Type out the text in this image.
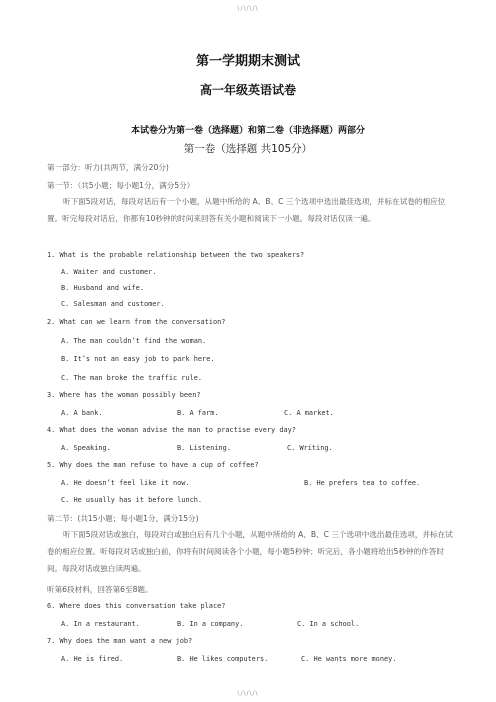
\/\/\/\
第一学期期末测试
高一年级英语试卷
本试卷分为第一卷（选择题）和第二卷（非选择题）两部分
第一卷（选择题 共105分）
第一部分：听力(共两节，满分20分)
第一节：（共5小题；每小题1分，满分5分）
听下面5段对话，每段对话后有一个小题，从题中所给的 A、B、C 三个选项中选出最佳选项，并标在试卷的相应位置。听完每段对话后，你都有10秒钟的时间来回答有关小题和阅读下一小题。每段对话仅读一遍。
1. What is the probable relationship between the two speakers?
A. Waiter and customer.
B. Husband and wife.
C. Salesman and customer.
2. What can we learn from the conversation?
A. The man couldn’t find the woman.
B. It’s not an easy job to park here.
C. The man broke the traffic rule.
3. Where has the woman possibly been?
A. A bank.	B. A farm.	C. A market.
4. What does the woman advise the man to practise every day?
A. Speaking.	B. Listening.	C. Writing.
5. Why does the man refuse to have a cup of coffee?
A. He doesn’t feel like it now.	B. He prefers tea to coffee.
C. He usually has it before lunch.
第二节：(共15小题；每小题1分，满分15分)
听下面5段对话或独白，每段对白或独白后有几个小题，从题中所给的 A、B、C 三个选项中选出最佳选项，并标在试卷的相应位置。听每段对话或独白前，你将有时间阅读各个小题，每小题5秒钟；听完后，各小题将给出5秒钟的作答时间。每段对话或独白读两遍。
听第6段材料，回答第6至8题。
6. Where does this conversation take place?
A. In a restaurant.	B. In a company.	C. In a school.
7. Why does the man want a new job?
A. He is fired.	B. He likes computers.	C. He wants more money.
\/\/\/\
